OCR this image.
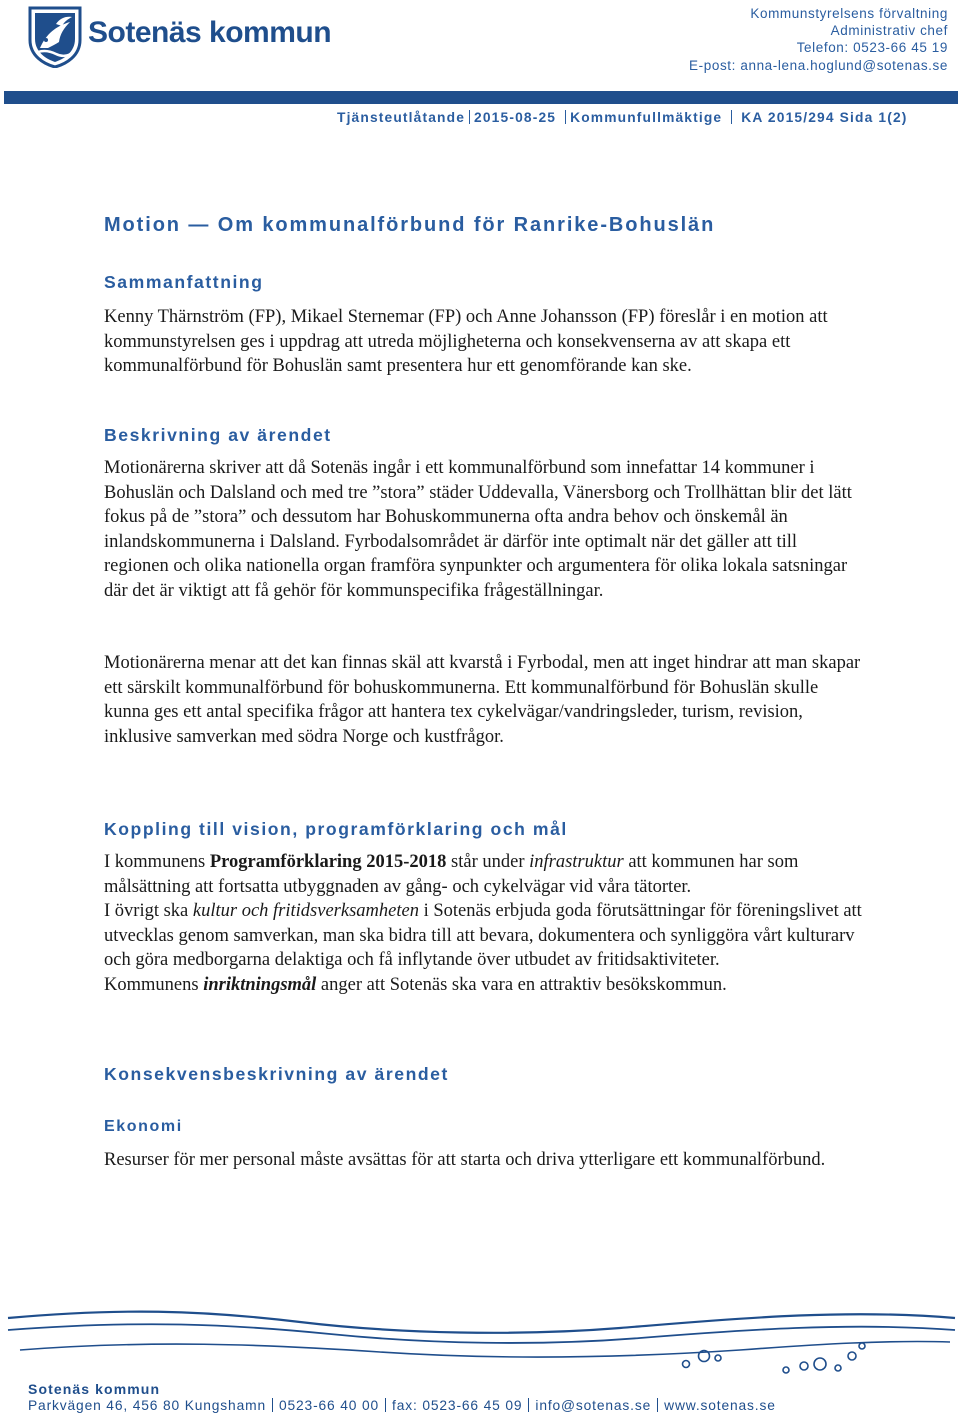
Sotenäs kommun
Kommunstyrelsens förvaltning
Administrativ chef
Telefon: 0523-66 45 19
E-post: anna-lena.hoglund@sotenas.se
Tjänsteutlåtande 2015-08-25 Kommunfullmäktige KA 2015/294 Sida 1(2)
Motion — Om kommunalförbund för Ranrike-Bohuslän
Sammanfattning

Kenny Thärnström (FP), Mikael Sternemar (FP) och Anne Johansson (FP) föreslår i en motion att kommunstyrelsen ges i uppdrag att utreda möjligheterna och konsekvenserna av att skapa ett kommunalförbund för Bohuslän samt presentera hur ett genomförande kan ske.

Beskrivning av ärendet

Motionärerna skriver att då Sotenäs ingår i ett kommunalförbund som innefattar 14 kommuner i Bohuslän och Dalsland och med tre ”stora” städer Uddevalla, Vänersborg och Trollhättan blir det lätt fokus på de ”stora” och dessutom har Bohuskommunerna ofta andra behov och önskemål än inlandskommunerna i Dalsland. Fyrbodalsområdet är därför inte optimalt när det gäller att till regionen och olika nationella organ framföra synpunkter och argumentera för olika lokala satsningar där det är viktigt att få gehör för kommunspecifika frågeställningar.

Motionärerna menar att det kan finnas skäl att kvarstå i Fyrbodal, men att inget hindrar att man skapar ett särskilt kommunalförbund för bohuskommunerna. Ett kommunalförbund för Bohuslän skulle kunna ges ett antal specifika frågor att hantera tex cykelvägar/vandringsleder, turism, revision, inklusive samverkan med södra Norge och kustfrågor.

Koppling till vision, programförklaring och mål

I kommunens Programförklaring 2015-2018 står under infrastruktur att kommunen har som målsättning att fortsatta utbyggnaden av gång- och cykelvägar vid våra tätorter.
I övrigt ska kultur och fritidsverksamheten i Sotenäs erbjuda goda förutsättningar för föreningslivet att utvecklas genom samverkan, man ska bidra till att bevara, dokumentera och synliggöra vårt kulturarv och göra medborgarna delaktiga och få inflytande över utbudet av fritidsaktiviteter.
Kommunens inriktningsmål anger att Sotenäs ska vara en attraktiv besökskommun.

Konsekvensbeskrivning av ärendet
Ekonomi

Resurser för mer personal måste avsättas för att starta och driva ytterligare ett kommunalförbund.

Sotenäs kommun
Parkvägen 46, 456 80 Kungshamn 0523-66 40 00 fax: 0523-66 45 09 info@sotenas.se www.sotenas.se
